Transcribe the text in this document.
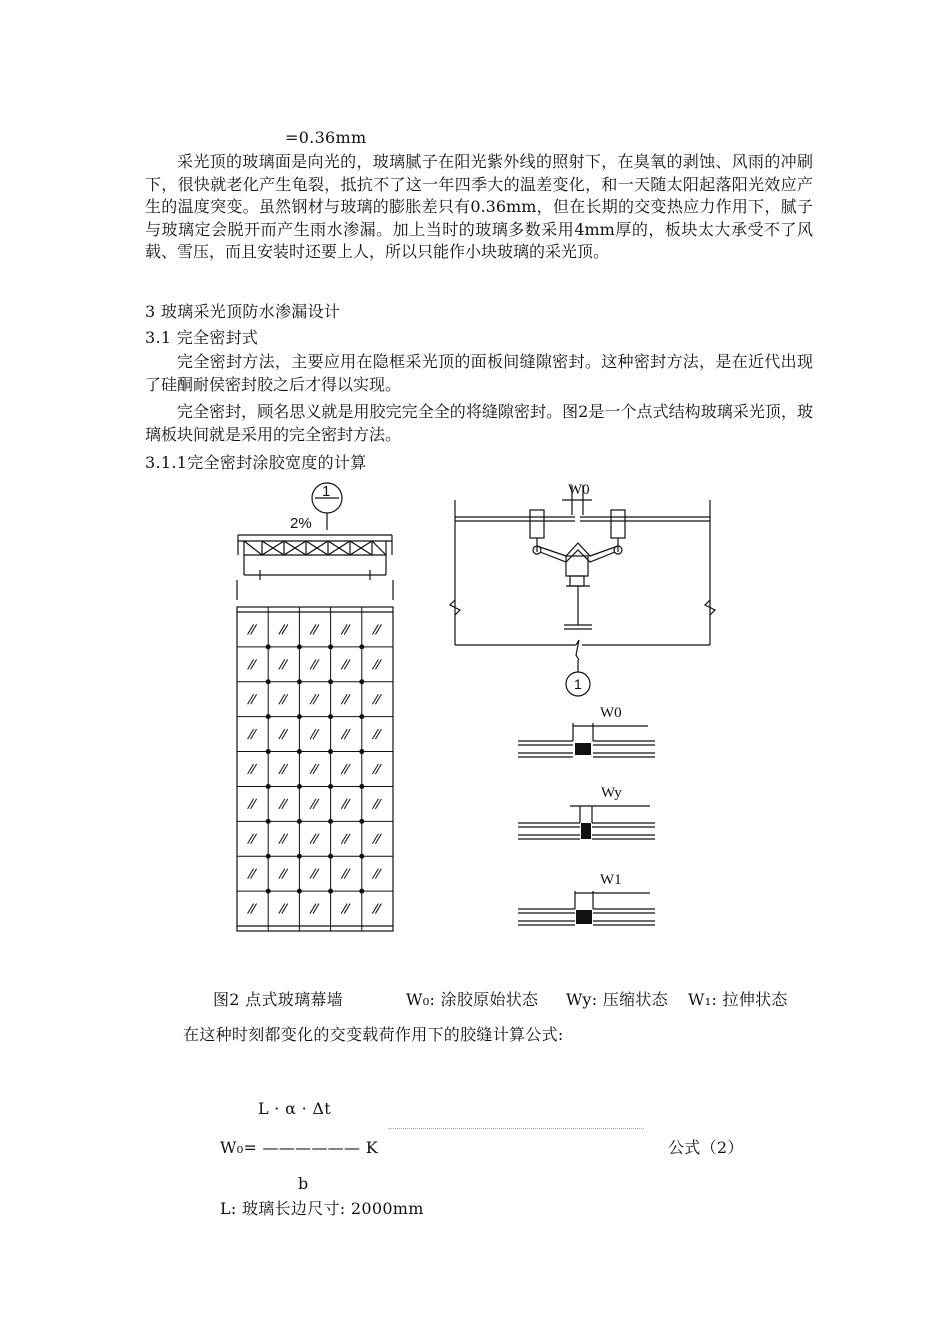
=0.36mm
采光顶的玻璃面是向光的，玻璃腻子在阳光紫外线的照射下，在臭氧的剥蚀、风雨的冲刷下，很快就老化产生龟裂，抵抗不了这一年四季大的温差变化，和一天随太阳起落阳光效应产生的温度突变。虽然钢材与玻璃的膨胀差只有0.36mm，但在长期的交变热应力作用下，腻子与玻璃定会脱开而产生雨水渗漏。加上当时的玻璃多数采用4mm厚的，板块太大承受不了风载、雪压，而且安装时还要上人，所以只能作小块玻璃的采光顶。
3 玻璃采光顶防水渗漏设计
3.1 完全密封式
完全密封方法，主要应用在隐框采光顶的面板间缝隙密封。这种密封方法，是在近代出现了硅酮耐侯密封胶之后才得以实现。
完全密封，顾名思义就是用胶完完全全的将缝隙密封。图2是一个点式结构玻璃采光顶，玻璃板块间就是采用的完全密封方法。
3.1.1完全密封涂胶宽度的计算
2%
1	W0
1
W0
Wy
W1
图2 点式玻璃幕墙	W₀: 涂胶原始状态 Wy: 压缩状态 W₁: 拉伸状态
在这种时刻都变化的交变载荷作用下的胶缝计算公式:
L · α · Δt
W₀= —————— K	公式（2）
b
L: 玻璃长边尺寸: 2000mm
